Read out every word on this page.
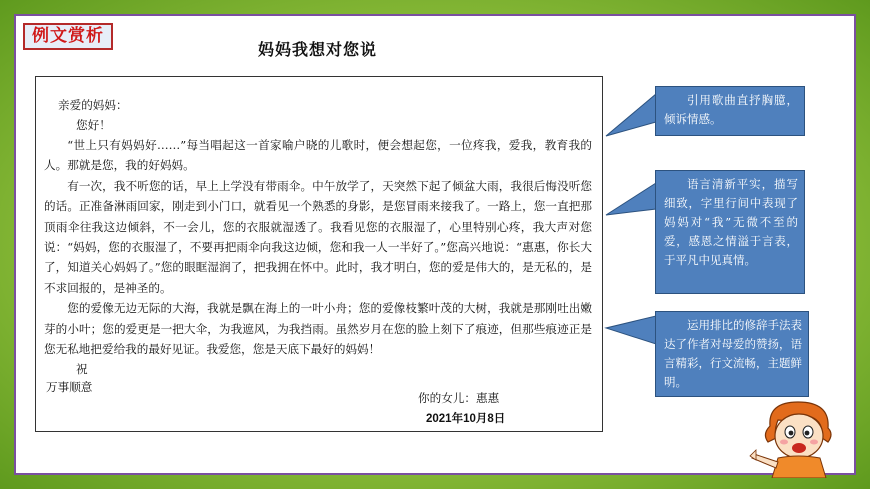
例文赏析
妈妈我想对您说
亲爱的妈妈：
您好！

“世上只有妈妈好……”每当唱起这一首家喻户晓的儿歌时，便会想起您，一位疼我，爱我，教育我的人。那就是您，我的好妈妈。

有一次，我不听您的话，早上上学没有带雨伞。中午放学了，天突然下起了倾盆大雨，我很后悔没听您的话。正准备淋雨回家，刚走到小门口，就看见一个熟悉的身影，是您冒雨来接我了。一路上，您一直把那顶雨伞往我这边倾斜，不一会儿，您的衣服就湿透了。我看见您的衣服湿了，心里特别心疼，我大声对您说：“妈妈，您的衣服湿了，不要再把雨伞向我这边倾，您和我一人一半好了。”您高兴地说：“惠惠，你长大了，知道关心妈妈了。”您的眼眶湿润了，把我拥在怀中。此时，我才明白，您的爱是伟大的，是无私的，是不求回报的，是神圣的。

您的爱像无边无际的大海，我就是飘在海上的一叶小舟；您的爱像枝繁叶茂的大树，我就是那刚吐出嫩芽的小叶；您的爱更是一把大伞，为我遮风，为我挡雨。虽然岁月在您的脸上刻下了痕迹，但那些痕迹正是您无私地把爱给我的最好见证。我爱您，您是天底下最好的妈妈！

祝
万事顺意
你的女儿：惠惠
2021年10月8日

引用歌曲直抒胸臆，倾诉情感。

语言清新平实，描写细致，字里行间中表现了妈妈对“我”无微不至的爱，感恩之情溢于言表，于平凡中见真情。

运用排比的修辞手法表达了作者对母爱的赞扬，语言精彩，行文流畅，主题鲜明。
